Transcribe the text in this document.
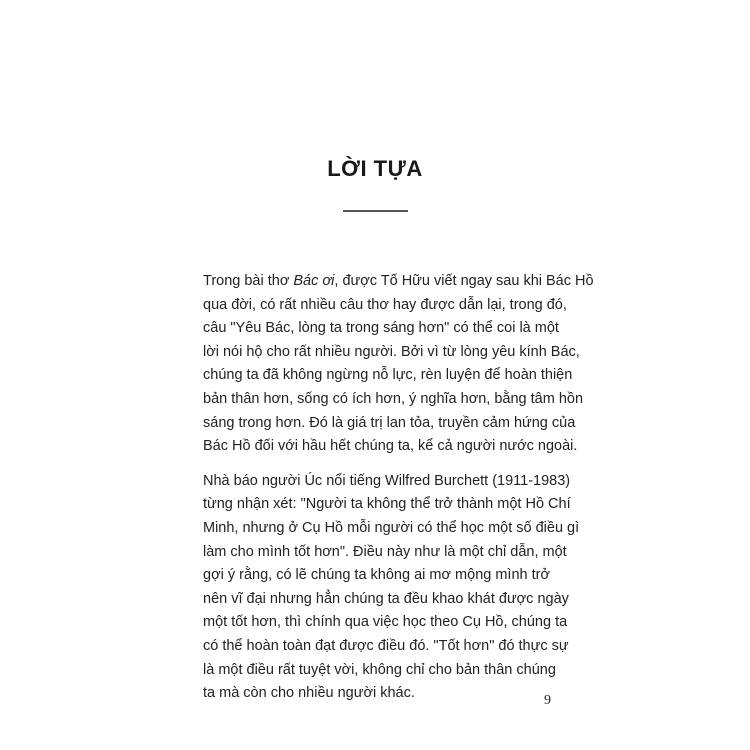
LỜI TỰA

Trong bài thơ Bác ơi, được Tố Hữu viết ngay sau khi Bác Hồ
qua đời, có rất nhiều câu thơ hay được dẫn lại, trong đó,
câu "Yêu Bác, lòng ta trong sáng hơn" có thể coi là một
lời nói hộ cho rất nhiều người. Bởi vì từ lòng yêu kính Bác,
chúng ta đã không ngừng nỗ lực, rèn luyện để hoàn thiện
bản thân hơn, sống có ích hơn, ý nghĩa hơn, bằng tâm hồn
sáng trong hơn. Đó là giá trị lan tỏa, truyền cảm hứng của
Bác Hồ đối với hầu hết chúng ta, kể cả người nước ngoài.

Nhà báo người Úc nổi tiếng Wilfred Burchett (1911-1983)
từng nhận xét: "Người ta không thể trở thành một Hồ Chí
Minh, nhưng ở Cụ Hồ mỗi người có thể học một số điều gì
làm cho mình tốt hơn". Điều này như là một chỉ dẫn, một
gợi ý rằng, có lẽ chúng ta không ai mơ mộng mình trở
nên vĩ đại nhưng hẳn chúng ta đều khao khát được ngày
một tốt hơn, thì chính qua việc học theo Cụ Hồ, chúng ta
có thể hoàn toàn đạt được điều đó. "Tốt hơn" đó thực sự
là một điều rất tuyệt vời, không chỉ cho bản thân chúng
ta mà còn cho nhiều người khác.	9
